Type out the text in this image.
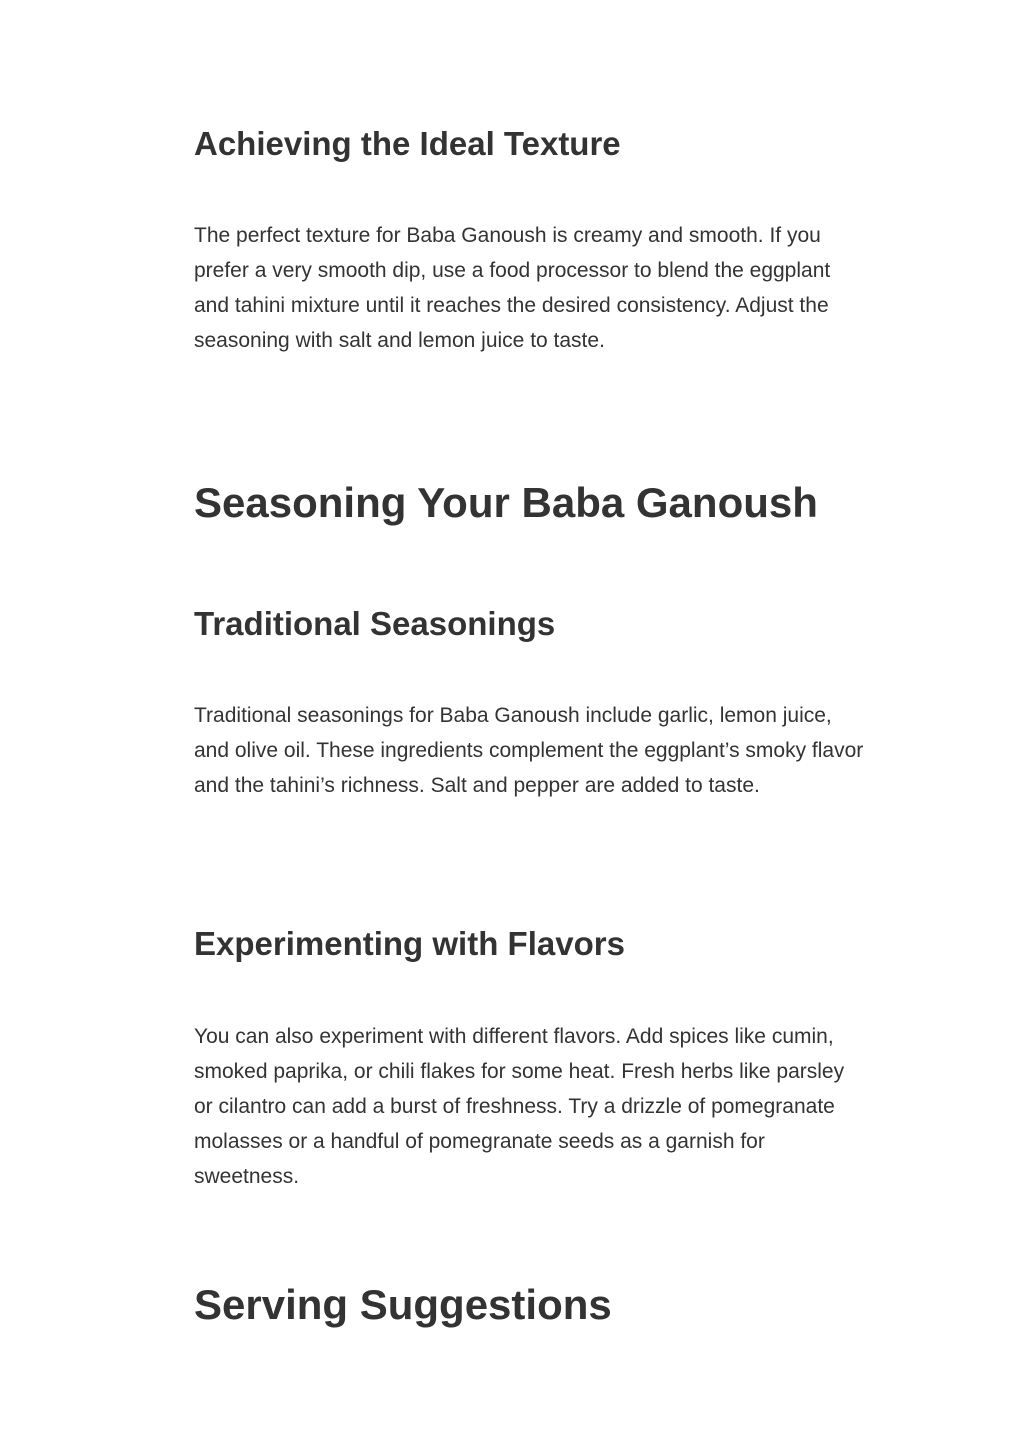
Achieving the Ideal Texture

The perfect texture for Baba Ganoush is creamy and smooth. If you prefer a very smooth dip, use a food processor to blend the eggplant and tahini mixture until it reaches the desired consistency. Adjust the seasoning with salt and lemon juice to taste.

Seasoning Your Baba Ganoush
Traditional Seasonings

Traditional seasonings for Baba Ganoush include garlic, lemon juice, and olive oil. These ingredients complement the eggplant’s smoky flavor and the tahini’s richness. Salt and pepper are added to taste.

Experimenting with Flavors

You can also experiment with different flavors. Add spices like cumin, smoked paprika, or chili flakes for some heat. Fresh herbs like parsley or cilantro can add a burst of freshness. Try a drizzle of pomegranate molasses or a handful of pomegranate seeds as a garnish for sweetness.

Serving Suggestions
